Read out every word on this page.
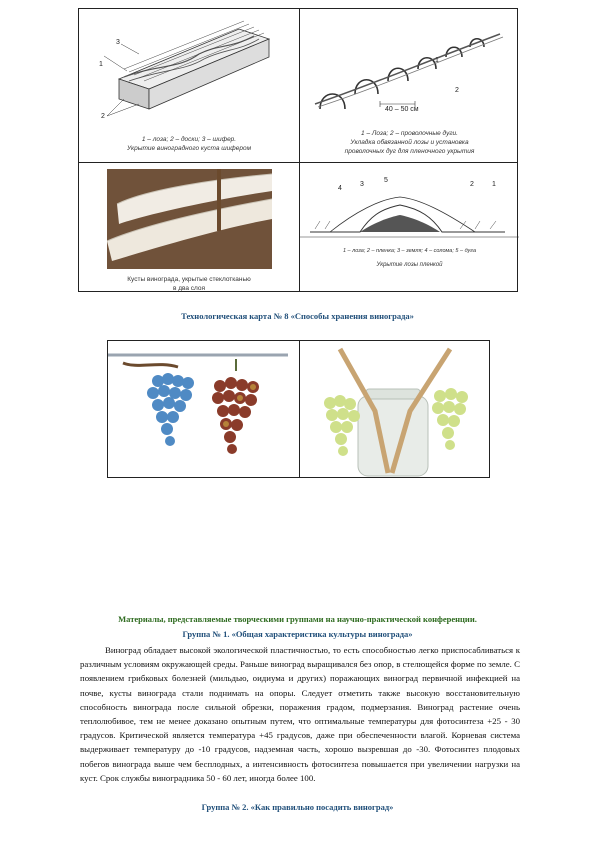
1
3
2
1 – лоза; 2 – доски; 3 – шифер.
Укрытие виноградного куста шифером
1
2
40 – 50 см
1 – Лоза; 2 – проволочные дуги.
Укладка обвязанной лозы и установка
проволочных дуг для пленочного укрытия
Кусты винограда, укрытые стеклотканью
в два слоя
4
3
5
2	1
1 – лоза; 2 – пленка; 3 – земля; 4 – солома; 5 – дуга
Укрытие лозы пленкой
Технологическая карта № 8 «Способы хранения винограда»
Материалы, представляемые творческими группами на научно-практической конференции.
Группа № 1. «Общая характеристика культуры винограда»
Виноград обладает высокой экологической пластичностью, то есть способностью легко приспосабливаться к различным условиям окружающей среды. Раньше виноград выращивался без опор, в стелющейся форме по земле. С появлением грибковых болезней (мильдью, оидиума и других) поражающих виноград первичной инфекцией на почве, кусты винограда стали поднимать на опоры. Следует отметить также высокую восстановительную способность винограда после сильной обрезки, поражения градом, подмерзания. Виноград растение очень теплолюбивое, тем не менее доказано опытным путем, что оптимальные температуры для фотосинтеза +25 - 30 градусов. Критической является температура +45 градусов, даже при обеспеченности влагой. Корневая система выдерживает температуру до -10 градусов, надземная часть, хорошо вызревшая до -30. Фотосинтез плодовых побегов винограда выше чем бесплодных, а интенсивность фотосинтеза повышается при увеличении нагрузки на куст. Срок службы виноградника 50 - 60 лет, иногда более 100.
Группа № 2. «Как правильно посадить виноград»
